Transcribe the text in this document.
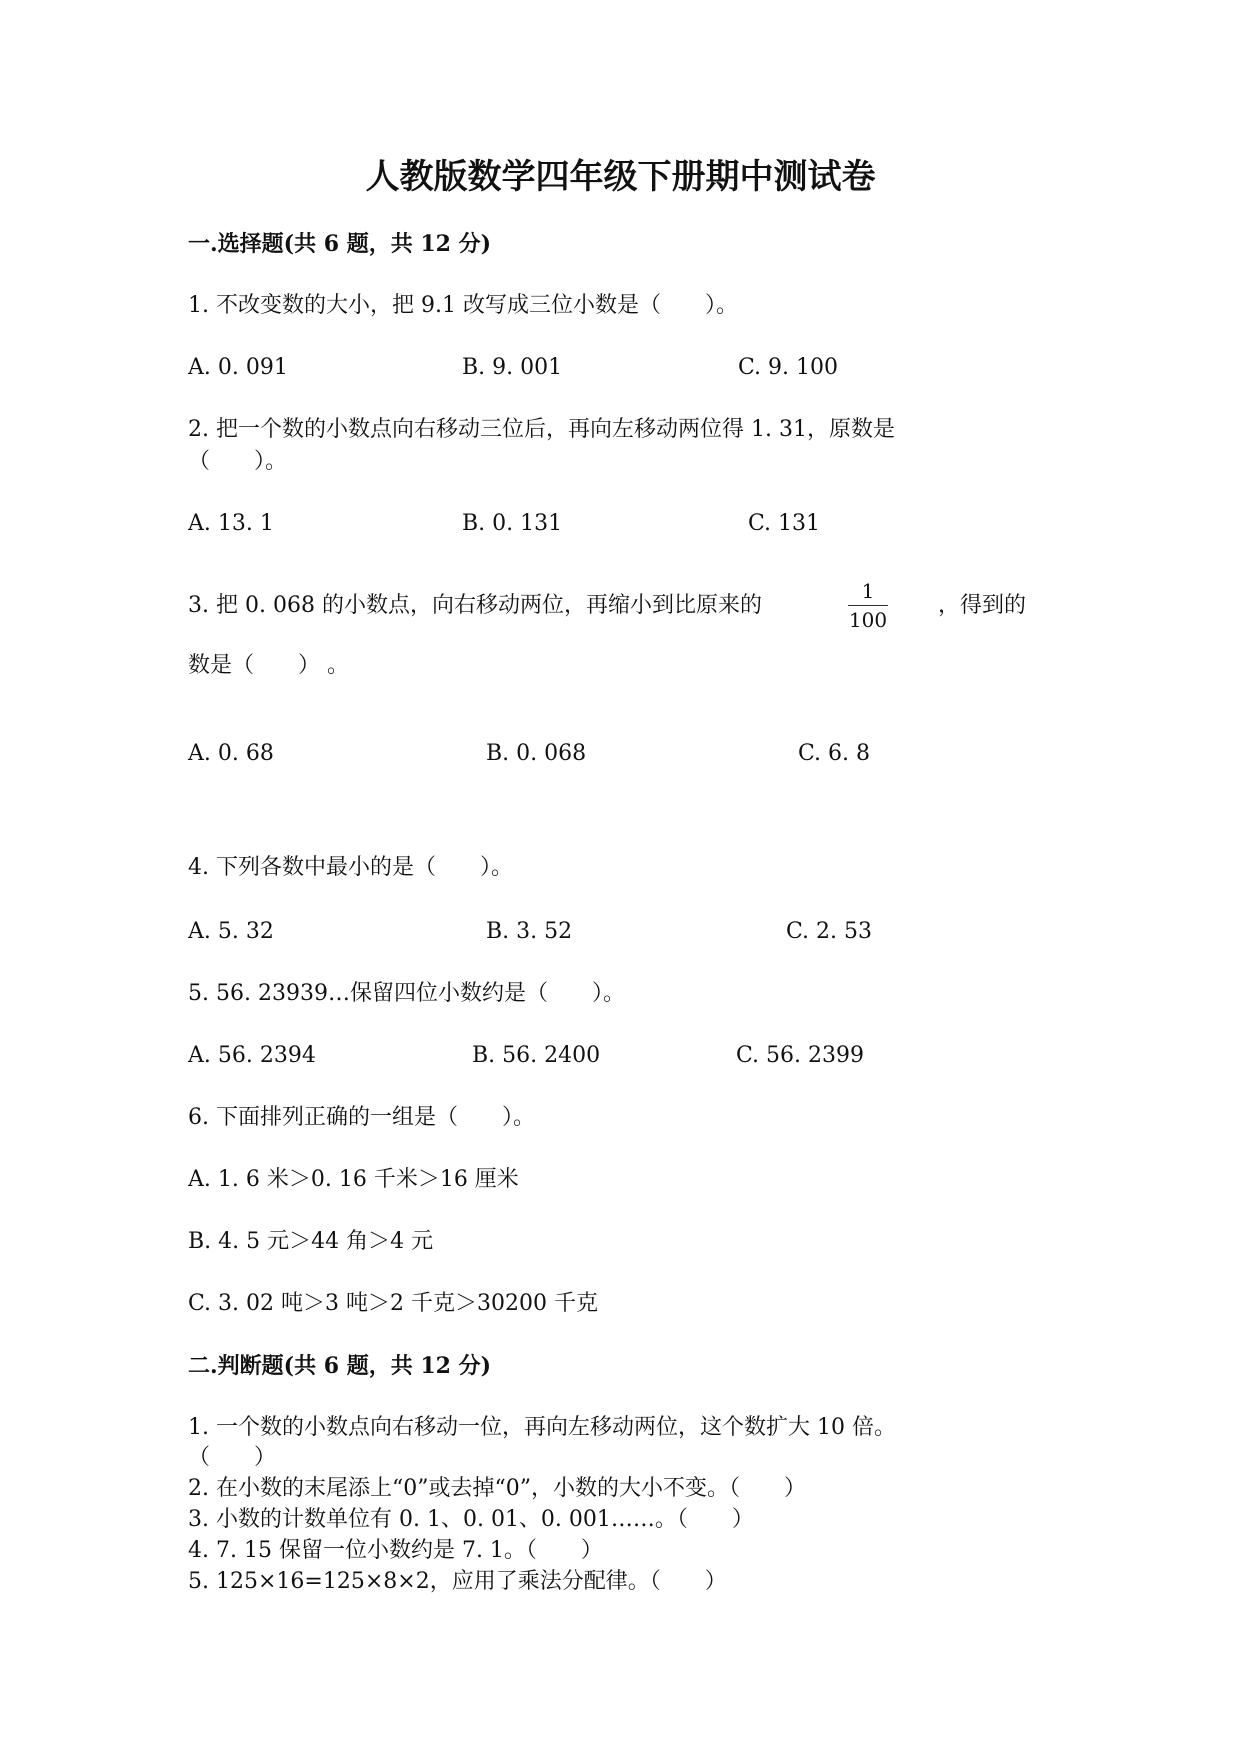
人教版数学四年级下册期中测试卷
一.选择题(共 6 题，共 12 分)
1. 不改变数的大小，把 9.1 改写成三位小数是（　　）。
A. 0. 091	B. 9. 001	C. 9. 100
2. 把一个数的小数点向右移动三位后，再向左移动两位得 1. 31，原数是
（　　）。
A. 13. 1	B. 0. 131	C. 131
3. 把 0. 068 的小数点，向右移动两位，再缩小到比原来的
1
100
，得到的
数是（　　） 。
A. 0. 68	B. 0. 068	C. 6. 8
4. 下列各数中最小的是（　　）。
A. 5. 32	B. 3. 52	C. 2. 53
5. 56. 23939…保留四位小数约是（　　）。
A. 56. 2394	B. 56. 2400	C. 56. 2399
6. 下面排列正确的一组是（　　）。
A. 1. 6 米＞0. 16 千米＞16 厘米
B. 4. 5 元＞44 角＞4 元
C. 3. 02 吨＞3 吨＞2 千克＞30200 千克
二.判断题(共 6 题，共 12 分)
1. 一个数的小数点向右移动一位，再向左移动两位，这个数扩大 10 倍。
（　　）
2. 在小数的末尾添上“0”或去掉“0”，小数的大小不变。（　　）
3. 小数的计数单位有 0. 1、0. 01、0. 001……。（　　）
4. 7. 15 保留一位小数约是 7. 1。（　　）
5. 125×16=125×8×2，应用了乘法分配律。（　　）
